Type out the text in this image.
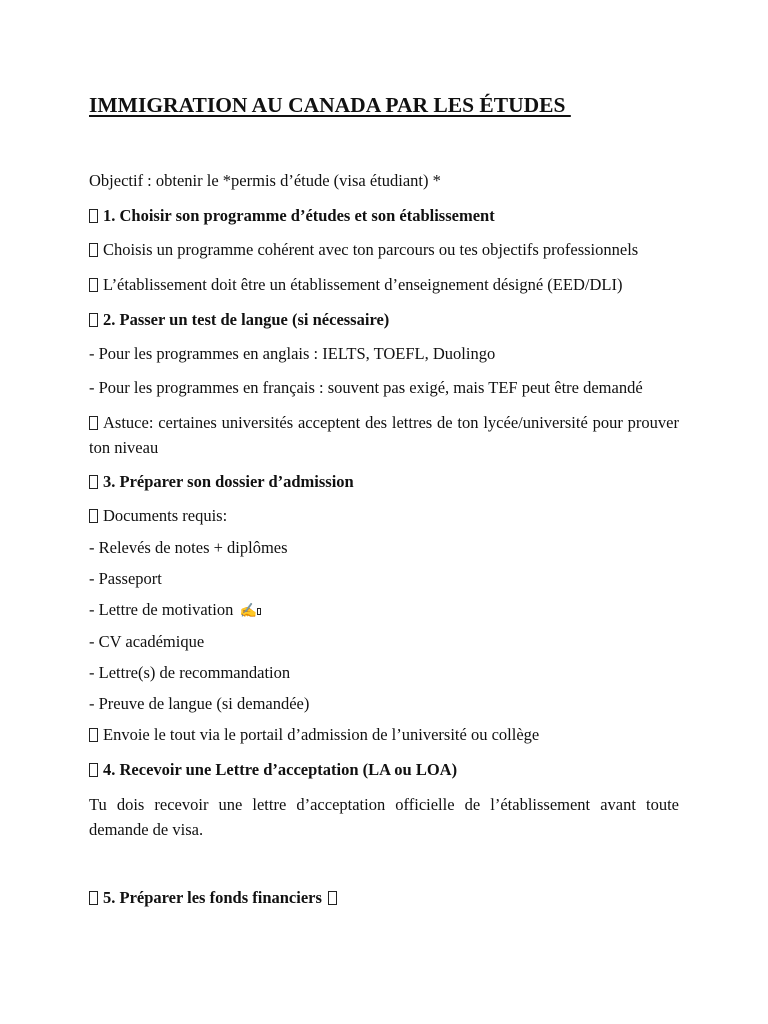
IMMIGRATION AU CANADA PAR LES ÉTUDES

Objectif : obtenir le *permis d’étude (visa étudiant) *

1. Choisir son programme d’études et son établissement

Choisis un programme cohérent avec ton parcours ou tes objectifs professionnels

L’établissement doit être un établissement d’enseignement désigné (EED/DLI)

2. Passer un test de langue (si nécessaire)

- Pour les programmes en anglais : IELTS, TOEFL, Duolingo

- Pour les programmes en français : souvent pas exigé, mais TEF peut être demandé

Astuce: certaines universités acceptent des lettres de ton lycée/université pour prouver ton niveau

3. Préparer son dossier d’admission

Documents requis:

- Relevés de notes + diplômes

- Passeport

- Lettre de motivation ✍

- CV académique

- Lettre(s) de recommandation

- Preuve de langue (si demandée)

Envoie le tout via le portail d’admission de l’université ou collège

4. Recevoir une Lettre d’acceptation (LA ou LOA)

Tu dois recevoir une lettre d’acceptation officielle de l’établissement avant toute demande de visa.

5. Préparer les fonds financiers
